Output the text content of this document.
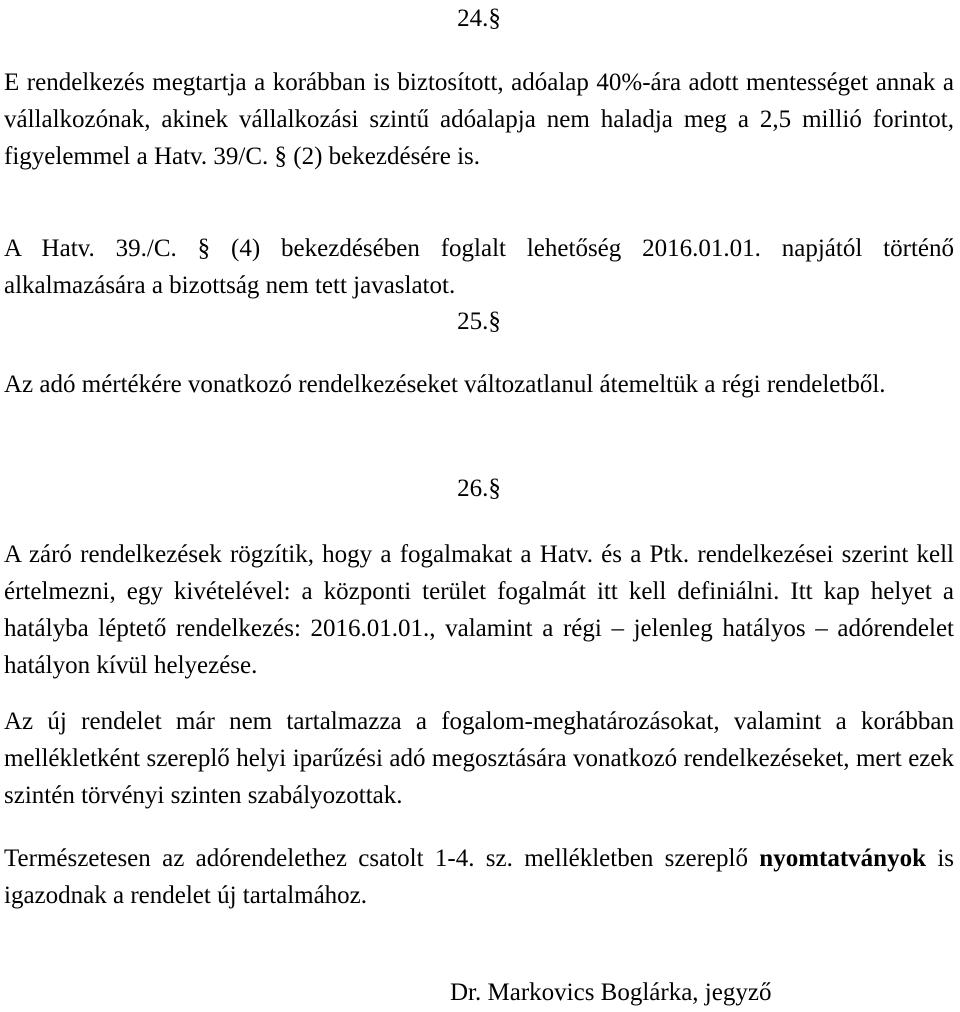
24.§

E rendelkezés megtartja a korábban is biztosított, adóalap 40%-ára adott mentességet annak a vállalkozónak, akinek vállalkozási szintű adóalapja nem haladja meg a 2,5 millió forintot, figyelemmel a Hatv. 39/C. § (2) bekezdésére is.

A Hatv. 39./C. § (4) bekezdésében foglalt lehetőség 2016.01.01. napjától történő alkalmazására a bizottság nem tett javaslatot.

25.§

Az adó mértékére vonatkozó rendelkezéseket változatlanul átemeltük a régi rendeletből.

26.§

A záró rendelkezések rögzítik, hogy a fogalmakat a Hatv. és a Ptk. rendelkezései szerint kell értelmezni, egy kivételével: a központi terület fogalmát itt kell definiálni. Itt kap helyet a hatályba léptető rendelkezés: 2016.01.01., valamint a régi – jelenleg hatályos – adórendelet hatályon kívül helyezése.

Az új rendelet már nem tartalmazza a fogalom-meghatározásokat, valamint a korábban mellékletként szereplő helyi iparűzési adó megosztására vonatkozó rendelkezéseket, mert ezek szintén törvényi szinten szabályozottak.

Természetesen az adórendelethez csatolt 1-4. sz. mellékletben szereplő nyomtatványok is igazodnak a rendelet új tartalmához.

Dr. Markovics Boglárka, jegyző
